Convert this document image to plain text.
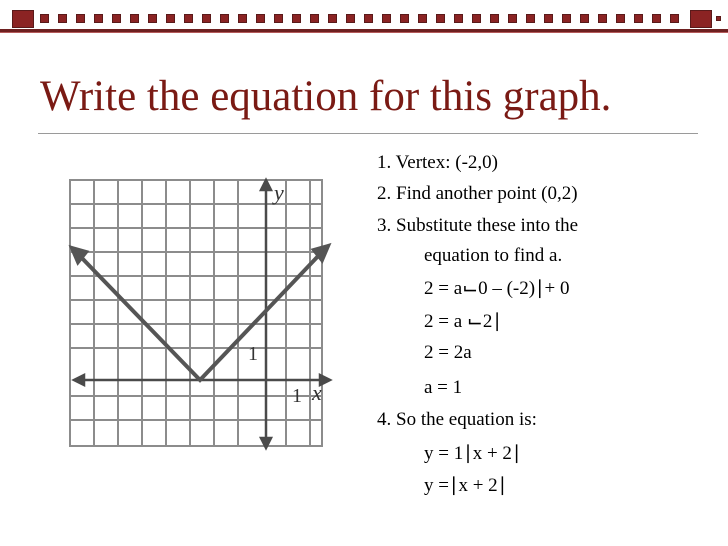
Write the equation for this graph.
y
x
1
1
1. Vertex: (-2,0)
2. Find another point (0,2)
3. Substitute these into the
equation to find a.
2 = a⌙0 – (-2)∣+ 0
2 = a ⌙2∣
2 = 2a
a = 1
4. So the equation is:
y = 1∣x + 2∣
y =∣x + 2∣
